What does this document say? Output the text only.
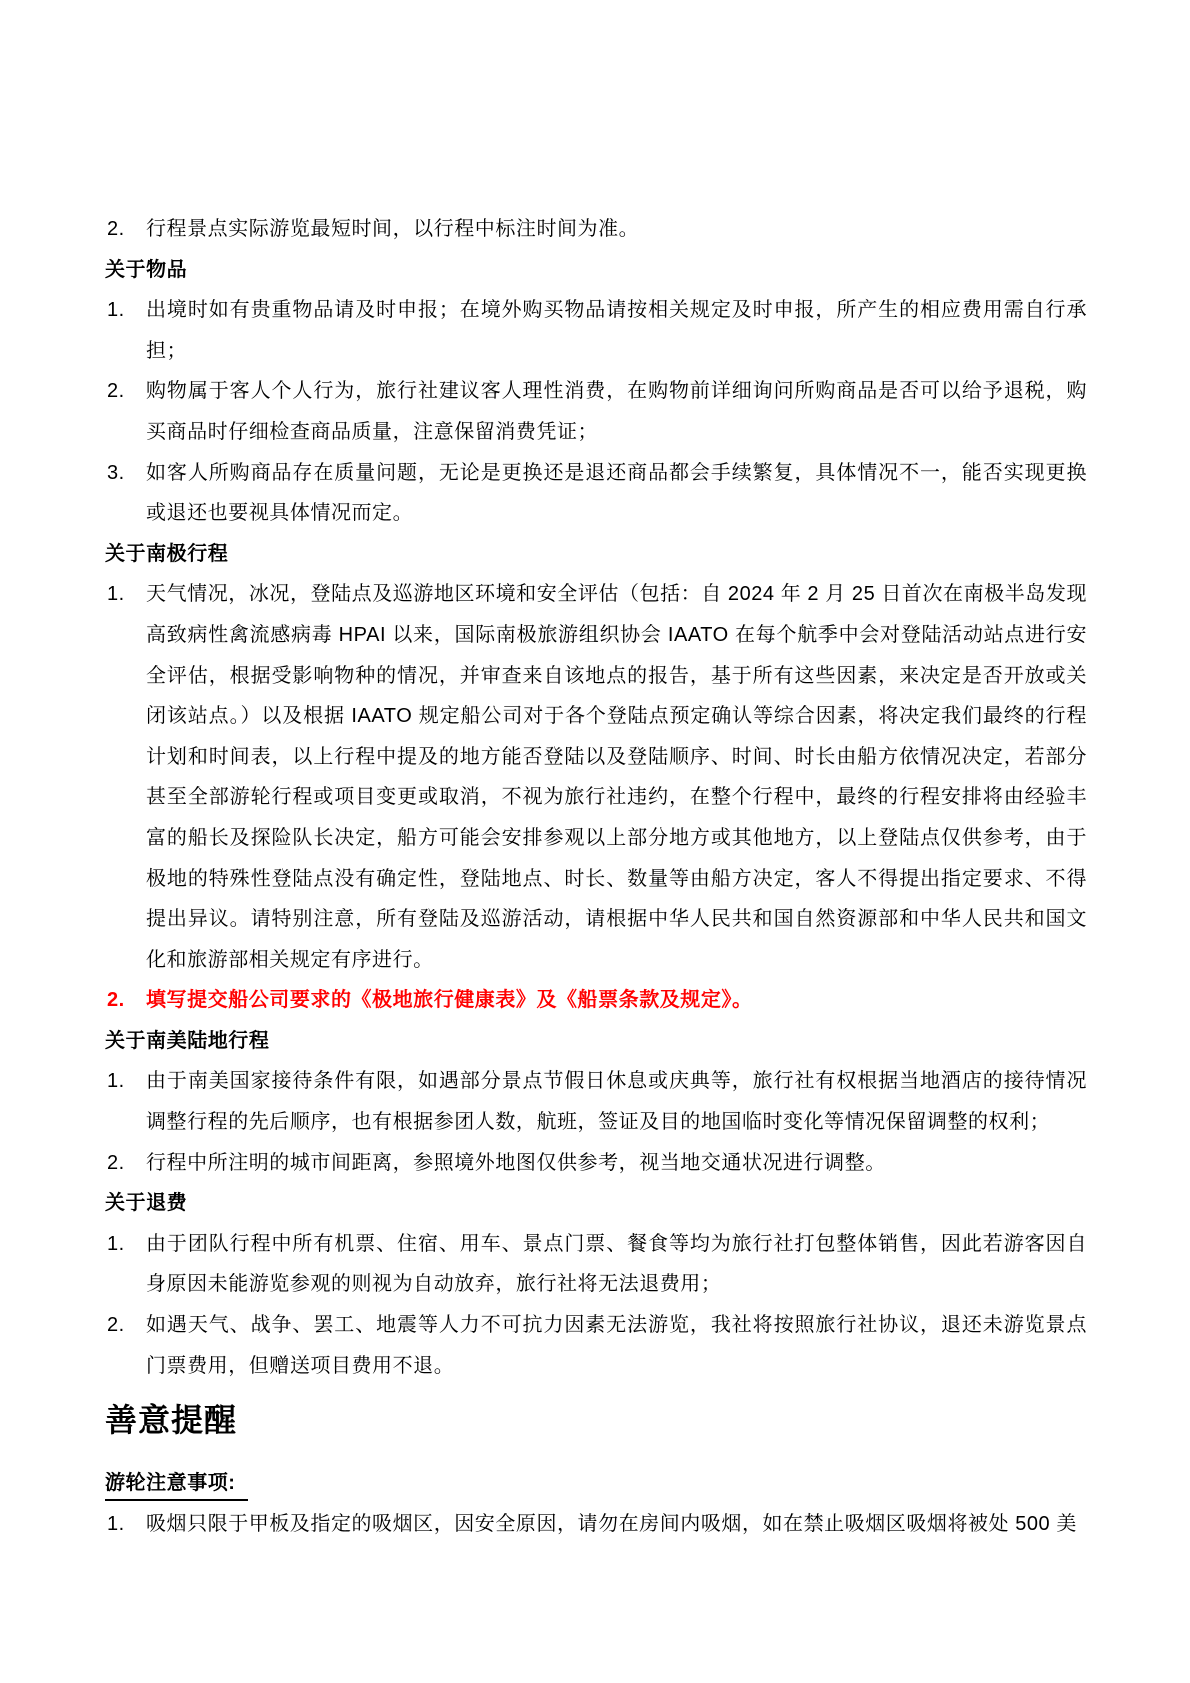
2. 行程景点实际游览最短时间，以行程中标注时间为准。
关于物品
1. 出境时如有贵重物品请及时申报；在境外购买物品请按相关规定及时申报，所产生的相应费用需自行承担；
2. 购物属于客人个人行为，旅行社建议客人理性消费，在购物前详细询问所购商品是否可以给予退税，购买商品时仔细检查商品质量，注意保留消费凭证；
3. 如客人所购商品存在质量问题，无论是更换还是退还商品都会手续繁复，具体情况不一，能否实现更换或退还也要视具体情况而定。
关于南极行程
1. 天气情况，冰况，登陆点及巡游地区环境和安全评估（包括：自 2024 年 2 月 25 日首次在南极半岛发现高致病性禽流感病毒 HPAI 以来，国际南极旅游组织协会 IAATO 在每个航季中会对登陆活动站点进行安全评估，根据受影响物种的情况，并审查来自该地点的报告，基于所有这些因素，来决定是否开放或关闭该站点。）以及根据 IAATO 规定船公司对于各个登陆点预定确认等综合因素，将决定我们最终的行程计划和时间表，以上行程中提及的地方能否登陆以及登陆顺序、时间、时长由船方依情况决定，若部分甚至全部游轮行程或项目变更或取消，不视为旅行社违约，在整个行程中，最终的行程安排将由经验丰富的船长及探险队长决定，船方可能会安排参观以上部分地方或其他地方，以上登陆点仅供参考，由于极地的特殊性登陆点没有确定性，登陆地点、时长、数量等由船方决定，客人不得提出指定要求、不得提出异议。请特别注意，所有登陆及巡游活动，请根据中华人民共和国自然资源部和中华人民共和国文化和旅游部相关规定有序进行。
2. 填写提交船公司要求的《极地旅行健康表》及《船票条款及规定》。
关于南美陆地行程
1. 由于南美国家接待条件有限，如遇部分景点节假日休息或庆典等，旅行社有权根据当地酒店的接待情况调整行程的先后顺序，也有根据参团人数，航班，签证及目的地国临时变化等情况保留调整的权利；
2. 行程中所注明的城市间距离，参照境外地图仅供参考，视当地交通状况进行调整。
关于退费
1. 由于团队行程中所有机票、住宿、用车、景点门票、餐食等均为旅行社打包整体销售，因此若游客因自身原因未能游览参观的则视为自动放弃，旅行社将无法退费用；
2. 如遇天气、战争、罢工、地震等人力不可抗力因素无法游览，我社将按照旅行社协议，退还未游览景点门票费用，但赠送项目费用不退。
善意提醒
游轮注意事项:
1. 吸烟只限于甲板及指定的吸烟区，因安全原因，请勿在房间内吸烟，如在禁止吸烟区吸烟将被处 500 美
